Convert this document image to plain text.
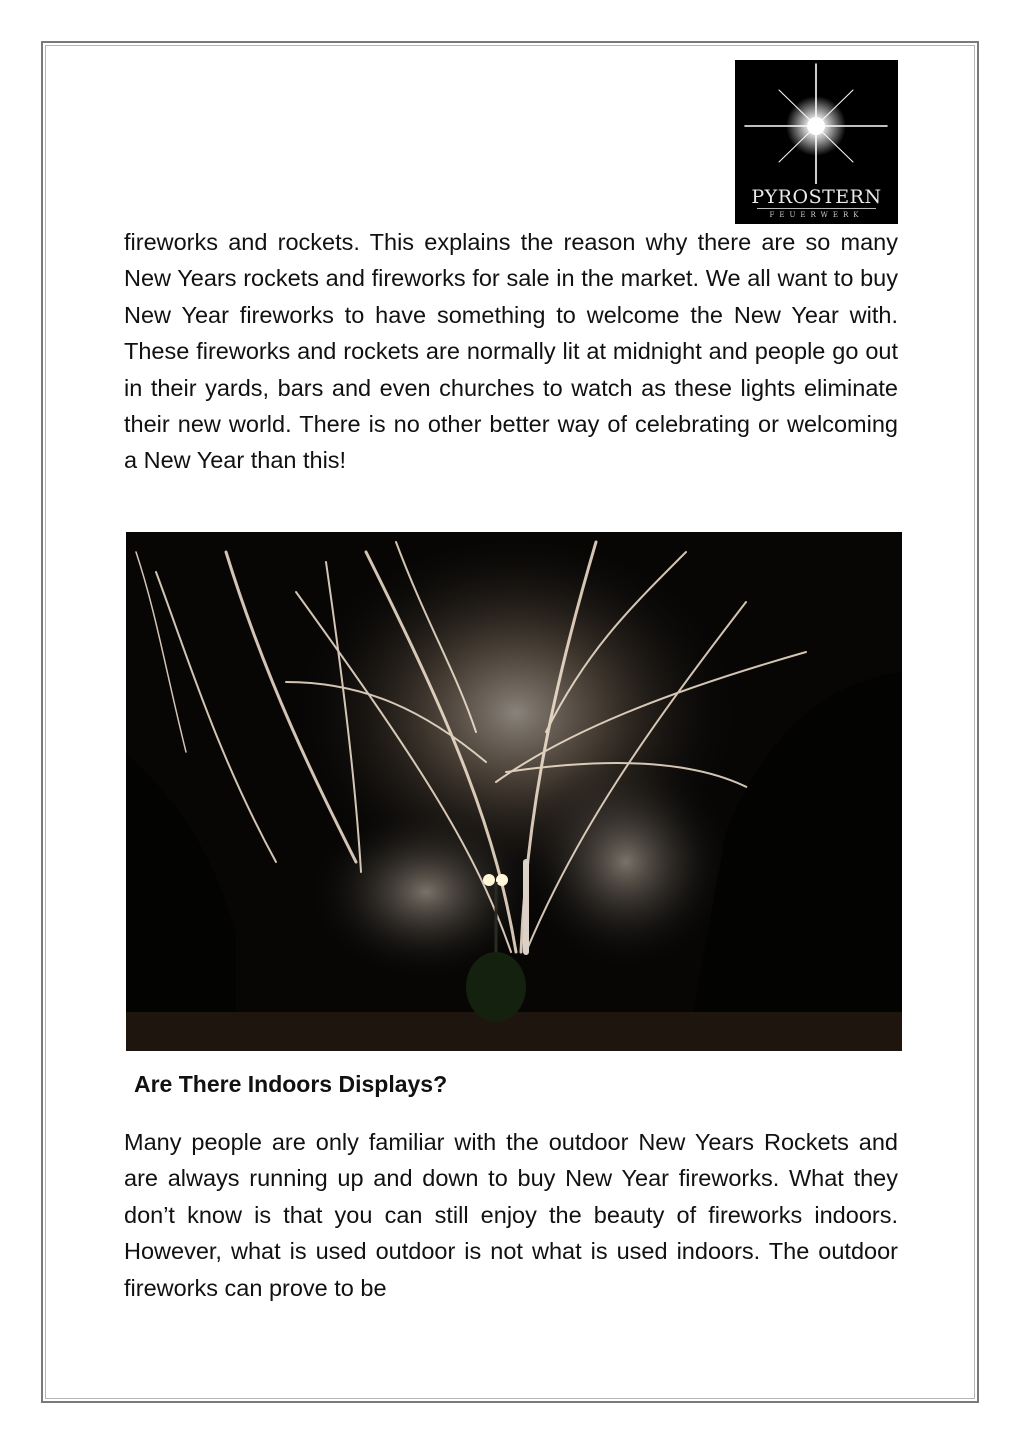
PYROSTERN
FEUERWERK

fireworks and rockets. This explains the reason why there are so many New Years rockets and fireworks for sale in the market. We all want to buy New Year fireworks to have something to welcome the New Year with. These fireworks and rockets are normally lit at midnight and people go out in their yards, bars and even churches to watch as these lights eliminate their new world. There is no other better way of celebrating or welcoming a New Year than this!

Are There Indoors Displays?

Many people are only familiar with the outdoor New Years Rockets and are always running up and down to buy New Year fireworks. What they don’t know is that you can still enjoy the beauty of fireworks indoors. However, what is used outdoor is not what is used indoors. The outdoor fireworks can prove to be
